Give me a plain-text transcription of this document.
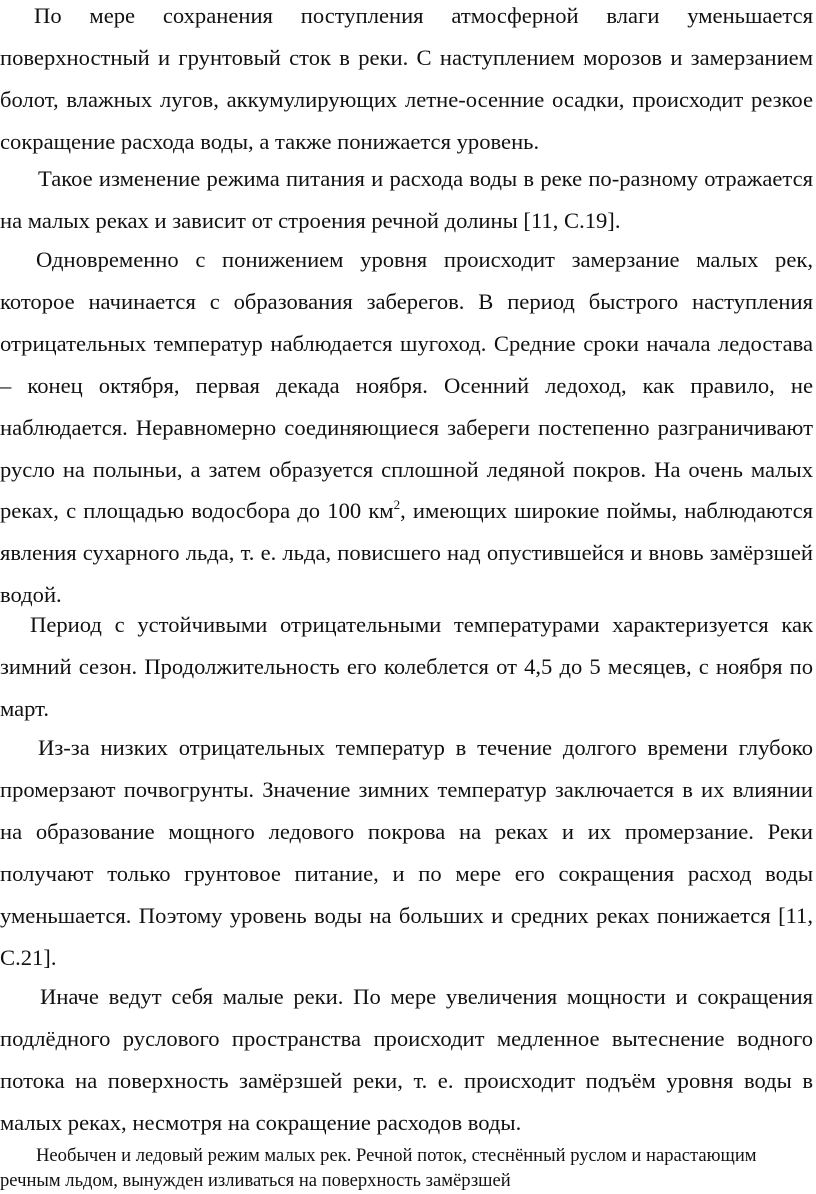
По мере сохранения поступления атмосферной влаги уменьшается поверхностный и грунтовый сток в реки. С наступлением морозов и замерзанием болот, влажных лугов, аккумулирующих летне-осенние осадки, происходит резкое сокращение расхода воды, а также понижается уровень.

Такое изменение режима питания и расхода воды в реке по-разному отражается на малых реках и зависит от строения речной долины [11, С.19].

Одновременно с понижением уровня происходит замерзание малых рек, которое начинается с образования заберегов. В период быстрого наступления отрицательных температур наблюдается шугоход. Средние сроки начала ледостава – конец октября, первая декада ноября. Осенний ледоход, как правило, не наблюдается. Неравномерно соединяющиеся забереги постепенно разграничивают русло на полыньи, а затем образуется сплошной ледяной покров. На очень малых реках, с площадью водосбора до 100 $км^2$, имеющих широкие поймы, наблюдаются явления сухарного льда, т. е. льда, повисшего над опустившейся и вновь замёрзшей водой.

Период с устойчивыми отрицательными температурами характеризуется как зимний сезон. Продолжительность его колеблется от 4,5 до 5 месяцев, с ноября по март.

Из-за низких отрицательных температур в течение долгого времени глубоко промерзают почвогрунты. Значение зимних температур заключается в их влиянии на образование мощного ледового покрова на реках и их промерзание. Реки получают только грунтовое питание, и по мере его сокращения расход воды уменьшается. Поэтому уровень воды на больших и средних реках понижается [11, С.21].

Иначе ведут себя малые реки. По мере увеличения мощности и сокращения подлёдного руслового пространства происходит медленное вытеснение водного потока на поверхность замёрзшей реки, т. е. происходит подъём уровня воды в малых реках, несмотря на сокращение расходов воды.

Необычен и ледовый режим малых рек. Речной поток, стеснённый руслом и нарастающим речным льдом, вынужден изливаться на поверхность замёрзшей
